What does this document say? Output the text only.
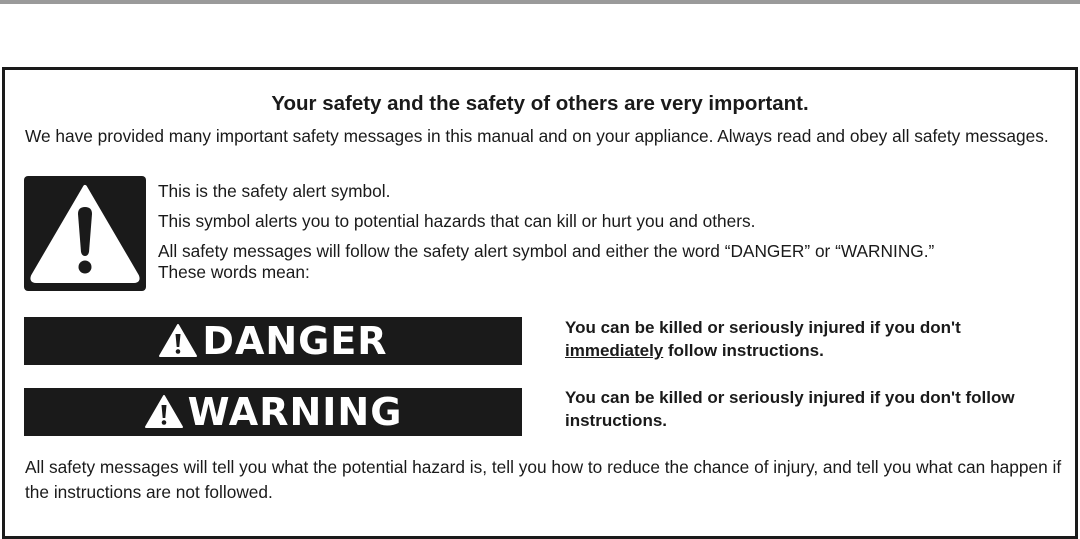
Your safety and the safety of others are very important.
We have provided many important safety messages in this manual and on your appliance. Always read and obey all safety messages.
This is the safety alert symbol.
This symbol alerts you to potential hazards that can kill or hurt you and others.
All safety messages will follow the safety alert symbol and either the word “DANGER” or “WARNING.” These words mean:
DANGER	You can be killed or seriously injured if you don't
immediately follow instructions.
WARNING	You can be killed or seriously injured if you don't follow instructions.
All safety messages will tell you what the potential hazard is, tell you how to reduce the chance of injury, and tell you what can happen if the instructions are not followed.
